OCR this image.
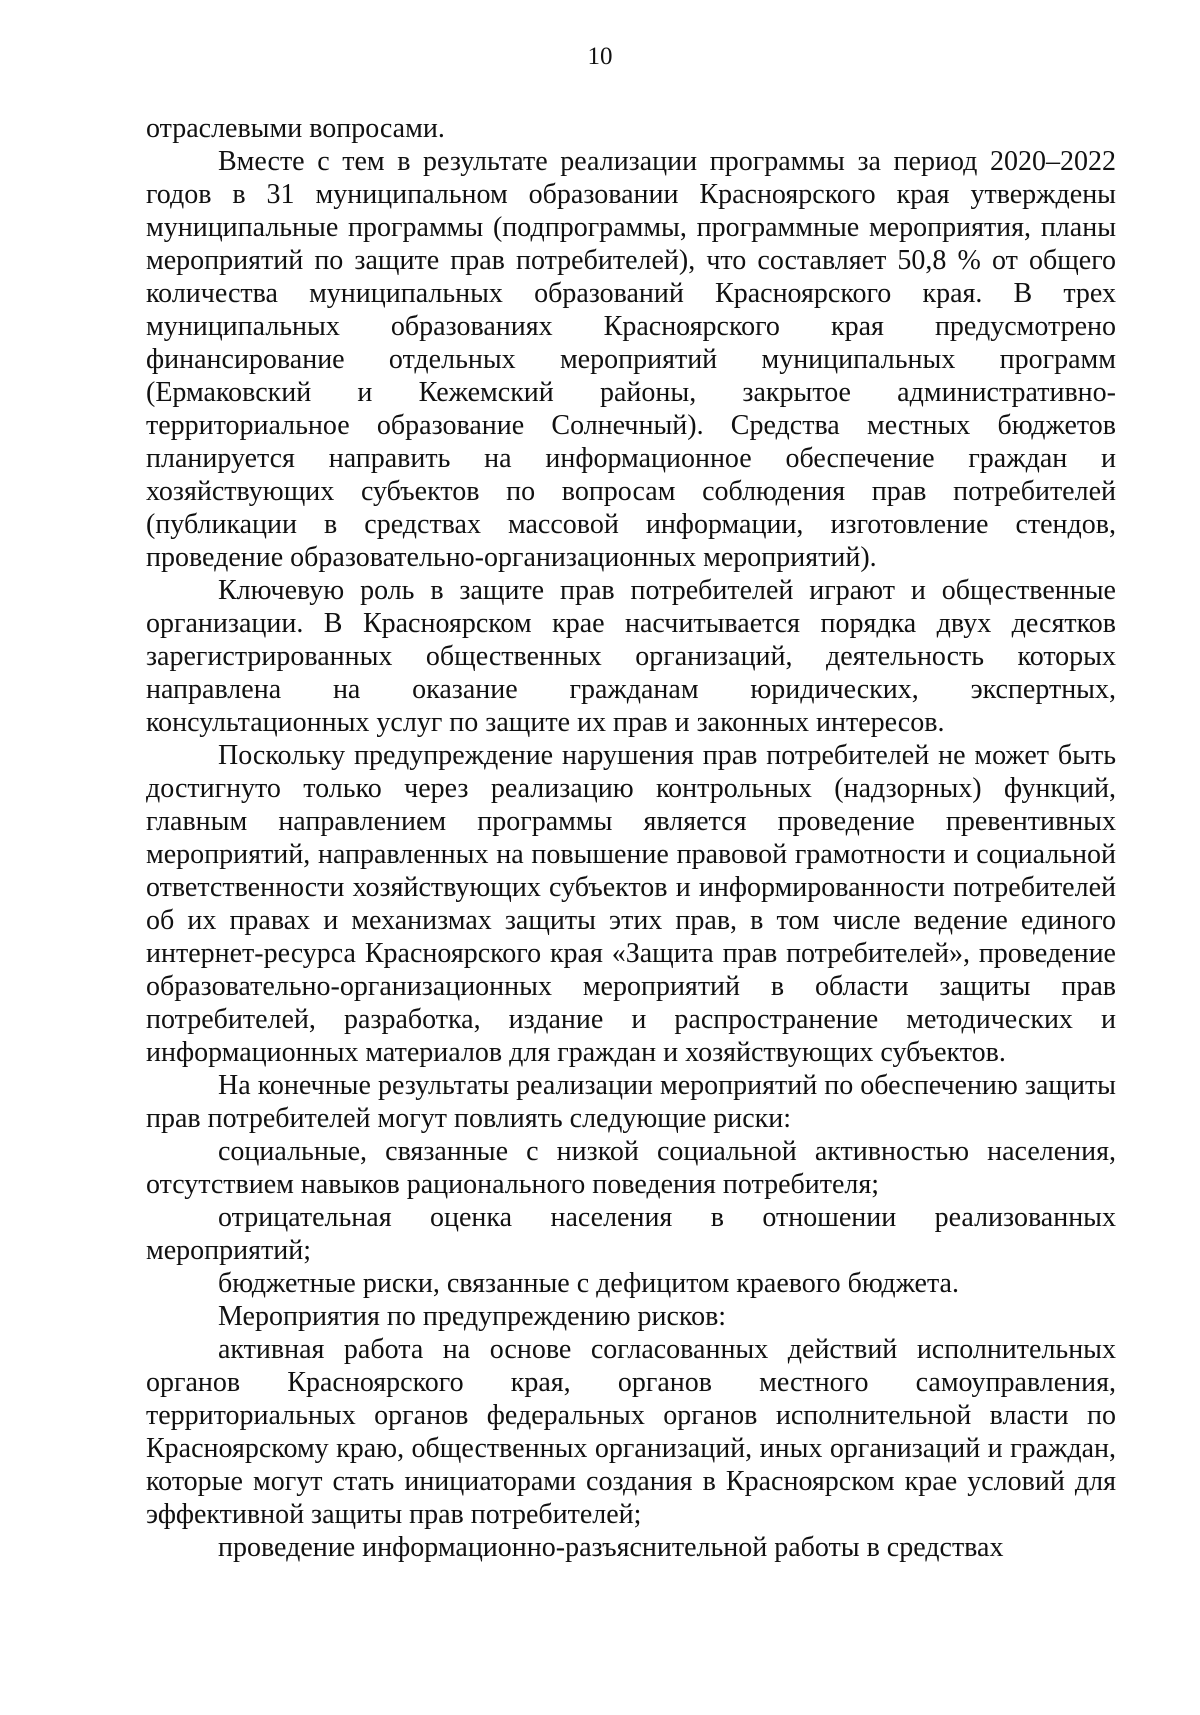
10

отраслевыми вопросами.

Вместе с тем в результате реализации программы за период 2020–2022 годов в 31 муниципальном образовании Красноярского края утверждены муниципальные программы (подпрограммы, программные мероприятия, планы мероприятий по защите прав потребителей), что составляет 50,8 % от общего количества муниципальных образований Красноярского края. В трех муниципальных образованиях Красноярского края предусмотрено финансирование отдельных мероприятий муниципальных программ (Ермаковский и Кежемский районы, закрытое административно-территориальное образование Солнечный). Средства местных бюджетов планируется направить на информационное обеспечение граждан и хозяйствующих субъектов по вопросам соблюдения прав потребителей (публикации в средствах массовой информации, изготовление стендов, проведение образовательно-организационных мероприятий).

Ключевую роль в защите прав потребителей играют и общественные организации. В Красноярском крае насчитывается порядка двух десятков зарегистрированных общественных организаций, деятельность которых направлена на оказание гражданам юридических, экспертных, консультационных услуг по защите их прав и законных интересов.

Поскольку предупреждение нарушения прав потребителей не может быть достигнуто только через реализацию контрольных (надзорных) функций, главным направлением программы является проведение превентивных мероприятий, направленных на повышение правовой грамотности и социальной ответственности хозяйствующих субъектов и информированности потребителей об их правах и механизмах защиты этих прав, в том числе ведение единого интернет-ресурса Красноярского края «Защита прав потребителей», проведение образовательно-организационных мероприятий в области защиты прав потребителей, разработка, издание и распространение методических и информационных материалов для граждан и хозяйствующих субъектов.

На конечные результаты реализации мероприятий по обеспечению защиты прав потребителей могут повлиять следующие риски:

социальные, связанные с низкой социальной активностью населения, отсутствием навыков рационального поведения потребителя;

отрицательная оценка населения в отношении реализованных мероприятий;

бюджетные риски, связанные с дефицитом краевого бюджета.

Мероприятия по предупреждению рисков:

активная работа на основе согласованных действий исполнительных органов Красноярского края, органов местного самоуправления, территориальных органов федеральных органов исполнительной власти по Красноярскому краю, общественных организаций, иных организаций и граждан, которые могут стать инициаторами создания в Красноярском крае условий для эффективной защиты прав потребителей;

проведение информационно-разъяснительной работы в средствах
